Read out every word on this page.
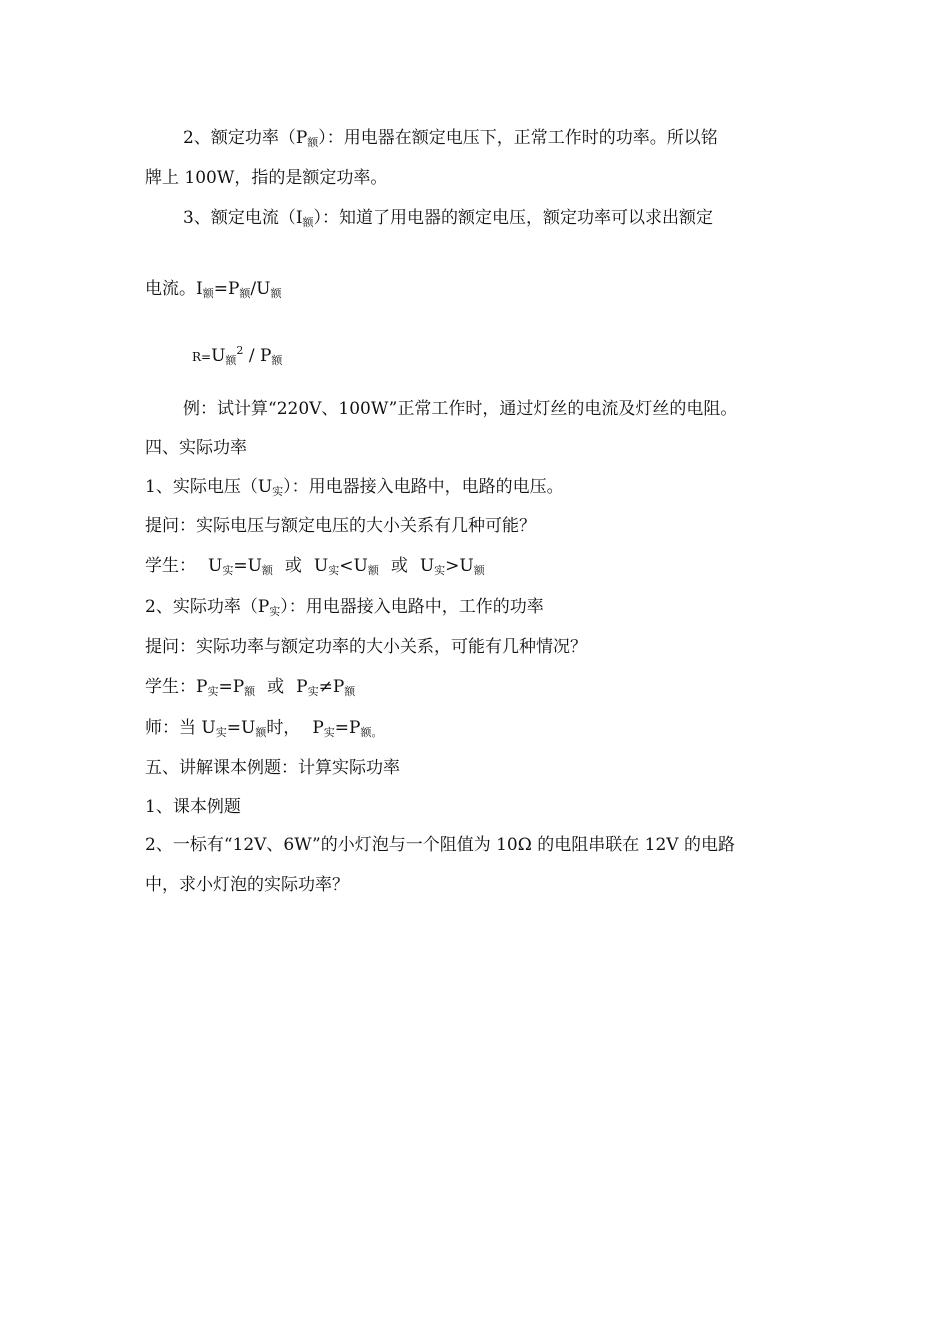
2、额定功率（P额）：用电器在额定电压下，正常工作时的功率。所以铭
牌上 100W，指的是额定功率。
3、额定电流（I额）：知道了用电器的额定电压，额定功率可以求出额定
电流。I额=P额/U额
R=U额$^2$ / P额
例：试计算“220V、100W”正常工作时，通过灯丝的电流及灯丝的电阻。
四、实际功率
1、实际电压（U实）：用电器接入电路中，电路的电压。
提问：实际电压与额定电压的大小关系有几种可能？
学生： U实=U额 或 U实<U额 或 U实>U额
2、实际功率（P实）：用电器接入电路中，工作的功率
提问：实际功率与额定功率的大小关系，可能有几种情况？
学生：P实=P额 或 P实≠P额
师：当 U实=U额时， P实=P额。
五、讲解课本例题：计算实际功率
1、课本例题
2、一标有“12V、6W”的小灯泡与一个阻值为 10Ω 的电阻串联在 12V 的电路
中，求小灯泡的实际功率？
